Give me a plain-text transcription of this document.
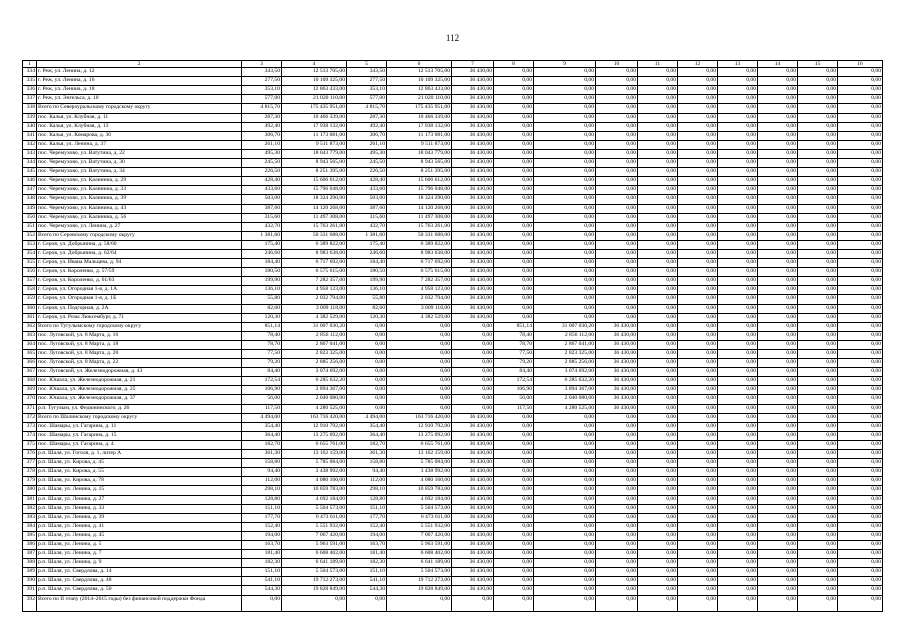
112
1	2	3	4	5	6	7	8	9	10	11	12	13	14	15	16
334	г. Реж, ул. Ленина, д. 12	343,50	12 513 705,00	343,50	12 513 705,00	36 430,00	0,00	0,00	0,00	0,00	0,00	0,00	0,00	0,00	0,00
335	г. Реж, ул. Ленина, д. 16	277,50	10 109 325,00	277,50	10 109 325,00	36 430,00	0,00	0,00	0,00	0,00	0,00	0,00	0,00	0,00	0,00
336	г. Реж, ул. Ленина, д. 18	353,10	12 863 433,00	353,10	12 863 433,00	36 430,00	0,00	0,00	0,00	0,00	0,00	0,00	0,00	0,00	0,00
337	г. Реж, ул. Энгельса, д. 10	577,00	21 020 110,00	577,00	21 020 110,00	36 430,00	0,00	0,00	0,00	0,00	0,00	0,00	0,00	0,00	0,00
338	Всего по Североуральскому городскому округу	4 815,70	175 435 951,00	4 815,70	175 435 951,00	36 430,00	0,00	0,00	0,00	0,00	0,00	0,00	0,00	0,00	0,00
339	пос. Калья, ул. Клубная, д. 11	287,30	10 466 339,00	287,30	10 466 339,00	36 430,00	0,00	0,00	0,00	0,00	0,00	0,00	0,00	0,00	0,00
340	пос. Калья, ул. Клубная, д. 13	492,40	17 938 132,00	492,40	17 938 132,00	36 430,00	0,00	0,00	0,00	0,00	0,00	0,00	0,00	0,00	0,00
341	пос. Калья, ул. Комарова, д. 30	306,70	11 173 081,00	306,70	11 173 081,00	36 430,00	0,00	0,00	0,00	0,00	0,00	0,00	0,00	0,00	0,00
342	пос. Калья, ул. Ленина, д. 37	261,10	9 511 873,00	261,10	9 511 873,00	36 430,00	0,00	0,00	0,00	0,00	0,00	0,00	0,00	0,00	0,00
343	пос. Черемухово, ул. Ватутина, д. 22	495,30	18 043 779,00	495,30	18 043 779,00	36 430,00	0,00	0,00	0,00	0,00	0,00	0,00	0,00	0,00	0,00
344	пос. Черемухово, ул. Ватутина, д. 30	245,50	8 943 565,00	245,50	8 943 565,00	36 430,00	0,00	0,00	0,00	0,00	0,00	0,00	0,00	0,00	0,00
345	пос. Черемухово, ул. Ватутина, д. 34	226,50	8 251 395,00	226,50	8 251 395,00	36 430,00	0,00	0,00	0,00	0,00	0,00	0,00	0,00	0,00	0,00
346	пос. Черемухово, ул. Калинина, д. 29	428,40	15 606 612,00	428,40	15 606 612,00	36 430,00	0,00	0,00	0,00	0,00	0,00	0,00	0,00	0,00	0,00
347	пос. Черемухово, ул. Калинина, д. 33	433,60	15 796 048,00	433,60	15 796 048,00	36 430,00	0,00	0,00	0,00	0,00	0,00	0,00	0,00	0,00	0,00
348	пос. Черемухово, ул. Калинина, д. 39	503,00	18 324 290,00	503,00	18 324 290,00	36 430,00	0,00	0,00	0,00	0,00	0,00	0,00	0,00	0,00	0,00
349	пос. Черемухово, ул. Калинина, д. 43	387,60	14 120 268,00	387,60	14 120 268,00	36 430,00	0,00	0,00	0,00	0,00	0,00	0,00	0,00	0,00	0,00
350	пос. Черемухово, ул. Калинина, д. 56	315,60	11 497 308,00	315,60	11 497 308,00	36 430,00	0,00	0,00	0,00	0,00	0,00	0,00	0,00	0,00	0,00
351	пос. Черемухово, ул. Ленина, д. 27	432,70	15 763 261,00	432,70	15 763 261,00	36 430,00	0,00	0,00	0,00	0,00	0,00	0,00	0,00	0,00	0,00
352	Всего по Серовскому городскому округу	1 381,60	50 331 688,00	1 381,60	50 331 688,00	36 430,00	0,00	0,00	0,00	0,00	0,00	0,00	0,00	0,00	0,00
353	г. Серов, ул. Добрынина, д. 58/60	175,40	6 389 822,00	175,40	6 389 822,00	36 430,00	0,00	0,00	0,00	0,00	0,00	0,00	0,00	0,00	0,00
354	г. Серов, ул. Добрынина, д. 62/64	246,60	8 983 638,00	246,60	8 983 638,00	36 430,00	0,00	0,00	0,00	0,00	0,00	0,00	0,00	0,00	0,00
355	г. Серов, ул. Ивана Мальцева, д. 94	184,40	6 717 692,00	184,40	6 717 692,00	36 430,00	0,00	0,00	0,00	0,00	0,00	0,00	0,00	0,00	0,00
356	г. Серов, ул. Короленко, д. 57/59	180,50	6 575 615,00	180,50	6 575 615,00	36 430,00	0,00	0,00	0,00	0,00	0,00	0,00	0,00	0,00	0,00
357	г. Серов, ул. Короленко, д. 61/63	199,90	7 282 357,00	199,90	7 282 357,00	36 430,00	0,00	0,00	0,00	0,00	0,00	0,00	0,00	0,00	0,00
358	г. Серов, ул. Огородная 1-я, д. 1А	136,10	4 958 123,00	136,10	4 958 123,00	36 430,00	0,00	0,00	0,00	0,00	0,00	0,00	0,00	0,00	0,00
359	г. Серов, ул. Огородная 1-я, д. 1Б	55,80	2 032 794,00	55,80	2 032 794,00	36 430,00	0,00	0,00	0,00	0,00	0,00	0,00	0,00	0,00	0,00
360	г. Серов, ул. Подгорная, д. 2А	82,60	3 009 118,00	82,60	3 009 118,00	36 430,00	0,00	0,00	0,00	0,00	0,00	0,00	0,00	0,00	0,00
361	г. Серов, ул. Розы Люксембург, д. 71	120,30	4 382 529,00	120,30	4 382 529,00	36 430,00	0,00	0,00	0,00	0,00	0,00	0,00	0,00	0,00	0,00
362	Всего по Тугулымскому городскому округу	851,14	31 007 030,20	0,00	0,00	0,00	851,14	31 007 030,20	36 430,00	0,00	0,00	0,00	0,00	0,00	0,00
363	пос. Луговской, ул. 8 Марта, д. 16	78,40	2 856 112,00	0,00	0,00	0,00	78,40	2 856 112,00	36 430,00	0,00	0,00	0,00	0,00	0,00	0,00
364	пос. Луговской, ул. 8 Марта, д. 18	78,70	2 867 041,00	0,00	0,00	0,00	78,70	2 867 041,00	36 430,00	0,00	0,00	0,00	0,00	0,00	0,00
365	пос. Луговской, ул. 8 Марта, д. 20	77,50	2 823 325,00	0,00	0,00	0,00	77,50	2 823 325,00	36 430,00	0,00	0,00	0,00	0,00	0,00	0,00
366	пос. Луговской, ул. 8 Марта, д. 22	79,20	2 885 256,00	0,00	0,00	0,00	79,20	2 885 256,00	36 430,00	0,00	0,00	0,00	0,00	0,00	0,00
367	пос. Луговской, ул. Железнодорожная, д. 43	84,40	3 074 692,00	0,00	0,00	0,00	84,40	3 074 692,00	36 430,00	0,00	0,00	0,00	0,00	0,00	0,00
368	пос. Юшала, ул. Железнодорожная, д. 21	172,54	6 285 632,20	0,00	0,00	0,00	172,54	6 285 632,20	36 430,00	0,00	0,00	0,00	0,00	0,00	0,00
369	пос. Юшала, ул. Железнодорожная, д. 25	106,90	3 894 367,00	0,00	0,00	0,00	106,90	3 894 367,00	36 430,00	0,00	0,00	0,00	0,00	0,00	0,00
370	пос. Юшала, ул. Железнодорожная, д. 37	56,00	2 040 080,00	0,00	0,00	0,00	56,00	2 040 080,00	36 430,00	0,00	0,00	0,00	0,00	0,00	0,00
371	р.п. Тугулым, ул. Федюнинского, д. 26	117,50	4 280 525,00	0,00	0,00	0,00	117,50	4 280 525,00	36 430,00	0,00	0,00	0,00	0,00	0,00	0,00
372	Всего по Шалинскому городскому округу	4 494,00	163 716 420,00	4 494,00	163 716 420,00	36 430,00	0,00	0,00	0,00	0,00	0,00	0,00	0,00	0,00	0,00
373	пос. Шамары, ул. Гагарина, д. 11	354,40	12 910 792,00	354,40	12 910 792,00	36 430,00	0,00	0,00	0,00	0,00	0,00	0,00	0,00	0,00	0,00
374	пос. Шамары, ул. Гагарина, д. 15	364,40	13 275 092,00	364,40	13 275 092,00	36 430,00	0,00	0,00	0,00	0,00	0,00	0,00	0,00	0,00	0,00
375	пос. Шамары, ул. Гагарина, д. 4	182,70	6 655 761,00	182,70	6 655 761,00	36 430,00	0,00	0,00	0,00	0,00	0,00	0,00	0,00	0,00	0,00
376	р.п. Шаля, ул. Гоголя, д. 1, литер А	361,30	13 162 159,00	361,30	13 162 159,00	36 430,00	0,00	0,00	0,00	0,00	0,00	0,00	0,00	0,00	0,00
377	р.п. Шаля, ул. Кирова, д. 45	158,80	5 785 084,00	158,80	5 785 084,00	36 430,00	0,00	0,00	0,00	0,00	0,00	0,00	0,00	0,00	0,00
378	р.п. Шаля, ул. Кирова, д. 55	94,40	3 438 992,00	94,40	3 438 992,00	36 430,00	0,00	0,00	0,00	0,00	0,00	0,00	0,00	0,00	0,00
379	р.п. Шаля, ул. Кирова, д. 78	112,00	4 080 160,00	112,00	4 080 160,00	36 430,00	0,00	0,00	0,00	0,00	0,00	0,00	0,00	0,00	0,00
380	р.п. Шаля, ул. Ленина, д. 15	298,10	10 859 783,00	298,10	10 859 783,00	36 430,00	0,00	0,00	0,00	0,00	0,00	0,00	0,00	0,00	0,00
381	р.п. Шаля, ул. Ленина, д. 27	128,80	4 692 184,00	128,80	4 692 184,00	36 430,00	0,00	0,00	0,00	0,00	0,00	0,00	0,00	0,00	0,00
382	р.п. Шаля, ул. Ленина, д. 33	151,10	5 504 573,00	151,10	5 504 573,00	36 430,00	0,00	0,00	0,00	0,00	0,00	0,00	0,00	0,00	0,00
383	р.п. Шаля, ул. Ленина, д. 39	177,70	6 473 611,00	177,70	6 473 611,00	36 430,00	0,00	0,00	0,00	0,00	0,00	0,00	0,00	0,00	0,00
384	р.п. Шаля, ул. Ленина, д. 41	152,40	5 551 932,00	152,40	5 551 932,00	36 430,00	0,00	0,00	0,00	0,00	0,00	0,00	0,00	0,00	0,00
385	р.п. Шаля, ул. Ленина, д. 45	194,00	7 067 420,00	194,00	7 067 420,00	36 430,00	0,00	0,00	0,00	0,00	0,00	0,00	0,00	0,00	0,00
386	р.п. Шаля, ул. Ленина, д. 5	163,70	5 963 591,00	163,70	5 963 591,00	36 430,00	0,00	0,00	0,00	0,00	0,00	0,00	0,00	0,00	0,00
387	р.п. Шаля, ул. Ленина, д. 7	181,40	6 608 402,00	181,40	6 608 402,00	36 430,00	0,00	0,00	0,00	0,00	0,00	0,00	0,00	0,00	0,00
388	р.п. Шаля, ул. Ленина, д. 9	182,30	6 641 189,00	182,30	6 641 189,00	36 430,00	0,00	0,00	0,00	0,00	0,00	0,00	0,00	0,00	0,00
389	р.п. Шаля, ул. Свердлова, д. 14	151,10	5 504 573,00	151,10	5 504 573,00	36 430,00	0,00	0,00	0,00	0,00	0,00	0,00	0,00	0,00	0,00
390	р.п. Шаля, ул. Свердлова, д. 48	541,10	19 712 273,00	541,10	19 712 273,00	36 430,00	0,00	0,00	0,00	0,00	0,00	0,00	0,00	0,00	0,00
391	р.п. Шаля, ул. Свердлова, д. 50	544,30	19 828 849,00	544,30	19 828 849,00	36 430,00	0,00	0,00	0,00	0,00	0,00	0,00	0,00	0,00	0,00
392	Всего по II этапу (2014–2015 годы) без финансовой поддержки Фонда	0,00	0,00	0,00	0,00	0,00	0,00	0,00	0,00	0,00	0,00	0,00	0,00	0,00	0,00
